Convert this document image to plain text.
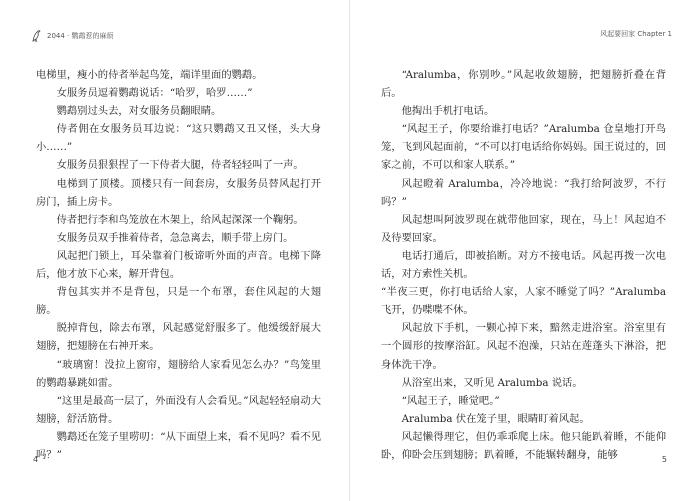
2044 · 鹦鹉惹的麻烦	风起要回家 Chapter 1
电梯里，瘦小的侍者举起鸟笼，端详里面的鹦鹉。
女服务员逗着鹦鹉说话：“哈罗，哈罗……”
鹦鹉别过头去，对女服务员翻眼睛。
侍者佣在女服务员耳边说：“这只鹦鹉又丑又怪，头大身小……”
女服务员狠狠捏了一下侍者大腿，侍者轻轻叫了一声。
电梯到了顶楼。顶楼只有一间套房，女服务员替风起打开房门，插上房卡。
侍者把行李和鸟笼放在木架上，给风起深深一个鞠躬。
女服务员双手推着侍者，急急离去，顺手带上房门。
风起把门锁上，耳朵靠着门板谛听外面的声音。电梯下降后，他才放下心来，解开背包。
背包其实并不是背包，只是一个布罩，套住风起的大翅膀。
脱掉背包，除去布罩，风起感觉舒服多了。他缓缓舒展大翅膀，把翅膀在右神开来。
“玻璃窗！没拉上窗帘，翅膀给人家看见怎么办？”鸟笼里的鹦鹉暴跳如雷。
“这里是最高一层了，外面没有人会看见。”风起轻轻扇动大翅膀，舒活筋骨。
鹦鹉还在笼子里唠叨：“从下面望上来，看不见吗？看不见吗？”
“Aralumba，你别吵。”风起收敛翅膀，把翅膀折叠在背后。
他掏出手机打电话。
“风起王子，你要给谁打电话？”Aralumba 仓皇地打开鸟笼，飞到风起面前，“不可以打电话给你妈妈。国王说过的，回家之前，不可以和家人联系。”
风起瞪着 Aralumba，冷冷地说：“我打给阿波罗，不行吗？”
风起想叫阿波罗现在就带他回家，现在，马上！风起迫不及待要回家。
电话打通后，即被掐断。对方不接电话。风起再拨一次电话，对方索性关机。
“半夜三更，你打电话给人家，人家不睡觉了吗？”Aralumba 飞开，仍喋喋不休。
风起放下手机，一颗心掉下来，黯然走进浴室。浴室里有一个圆形的按摩浴缸。风起不泡澡，只站在莲蓬头下淋浴，把身体洗干净。
从浴室出来，又听见 Aralumba 说话。
“风起王子，睡觉吧。”
Aralumba 伏在笼子里，眼睛盯着风起。
风起懒得理它，但仍乖乖爬上床。他只能趴着睡，不能仰卧，仰卧会压到翅膀；趴着睡，不能辗转翻身，能够
4	5
